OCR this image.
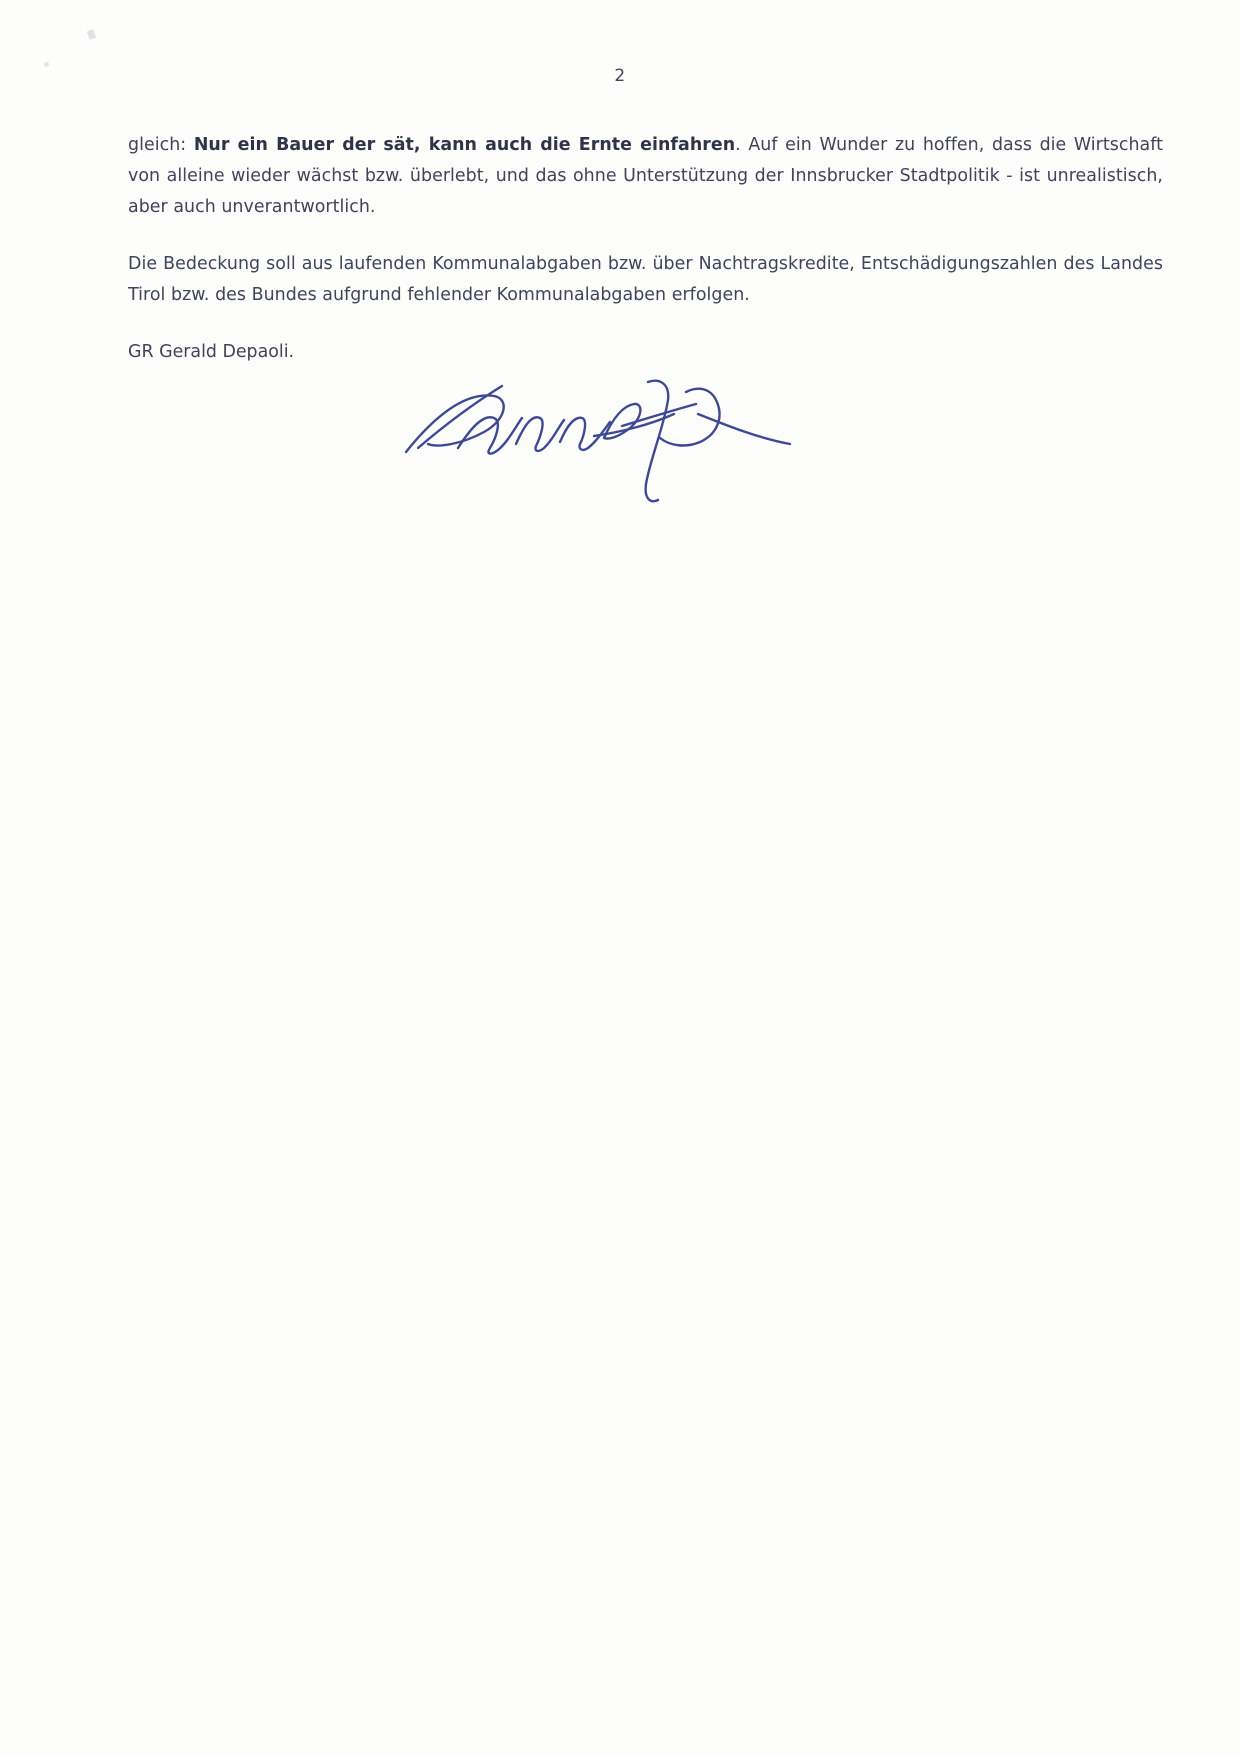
2

gleich: Nur ein Bauer der sät, kann auch die Ernte einfahren. Auf ein Wunder zu hoffen, dass die Wirtschaft von alleine wieder wächst bzw. überlebt, und das ohne Unterstützung der Innsbrucker Stadtpolitik - ist unrealistisch, aber auch unverantwortlich.

Die Bedeckung soll aus laufenden Kommunalabgaben bzw. über Nachtragskredite, Entschädigungszahlen des Landes Tirol bzw. des Bundes aufgrund fehlender Kommunalabgaben erfolgen.

GR Gerald Depaoli.
